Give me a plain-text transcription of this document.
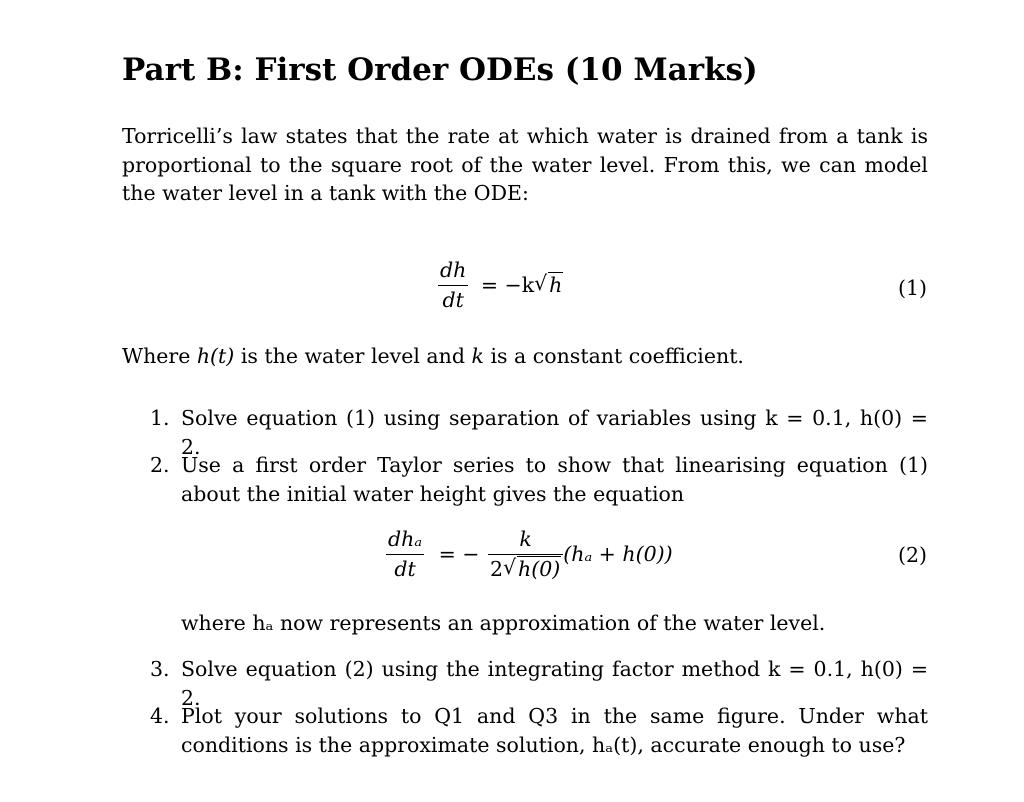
Part B: First Order ODEs (10 Marks)
Torricelli’s law states that the rate at which water is drained from a tank is proportional to the square root of the water level. From this, we can model the water level in a tank with the ODE:
$\frac{dh}{dt} = -k$ √ h	(1)
Where h(t) is the water level and k is a constant coefficient.
1. Solve equation (1) using separation of variables using k = 0.1, h(0) = 2.
2. Use a first order Taylor series to show that linearising equation (1) about the initial water height gives the equation
3. Solve equation (2) using the integrating factor method k = 0.1, h(0) = 2.
4. Plot your solutions to Q1 and Q3 in the same figure. Under what conditions is the approximate solution, hₐ(t), accurate enough to use?
$\frac{\text{dhₐ}}{dt}$ = − $\frac{k}{2 √ h(0)} (h_a + h(0))$	(2)
where hₐ now represents an approximation of the water level.
